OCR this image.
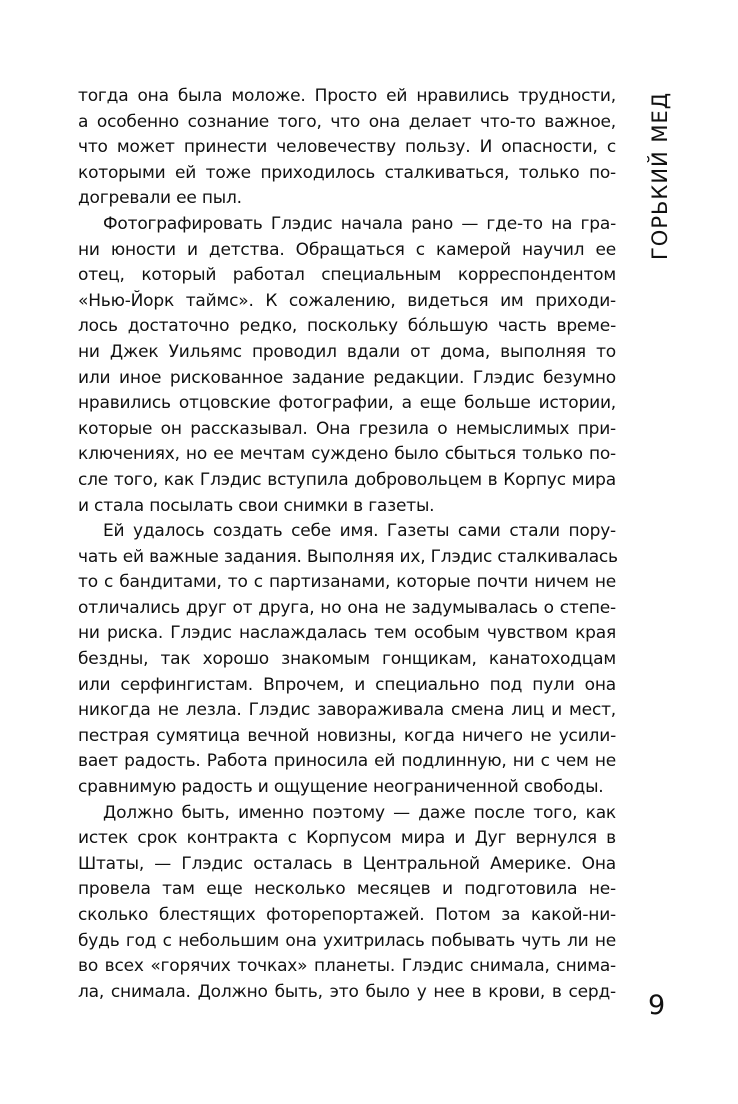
ГОРЬКИЙ МЕД
тогда она была моложе. Просто ей нравились трудности,
а особенно сознание того, что она делает что-то важное,
что может принести человечеству пользу. И опасности, с
которыми ей тоже приходилось сталкиваться, только по-
догревали ее пыл.
Фотографировать Глэдис начала рано — где-то на гра-
ни юности и детства. Обращаться с камерой научил ее
отец, который работал специальным корреспондентом
«Нью-Йорк таймс». К сожалению, видеться им приходи-
лось достаточно редко, поскольку бóльшую часть време-
ни Джек Уильямс проводил вдали от дома, выполняя то
или иное рискованное задание редакции. Глэдис безумно
нравились отцовские фотографии, а еще больше истории,
которые он рассказывал. Она грезила о немыслимых при-
ключениях, но ее мечтам суждено было сбыться только по-
сле того, как Глэдис вступила добровольцем в Корпус мира
и стала посылать свои снимки в газеты.
Ей удалось создать себе имя. Газеты сами стали пору-
чать ей важные задания. Выполняя их, Глэдис сталкивалась
то с бандитами, то с партизанами, которые почти ничем не
отличались друг от друга, но она не задумывалась о степе-
ни риска. Глэдис наслаждалась тем особым чувством края
бездны, так хорошо знакомым гонщикам, канатоходцам
или серфингистам. Впрочем, и специально под пули она
никогда не лезла. Глэдис завораживала смена лиц и мест,
пестрая сумятица вечной новизны, когда ничего не усили-
вает радость. Работа приносила ей подлинную, ни с чем не
сравнимую радость и ощущение неограниченной свободы.
Должно быть, именно поэтому — даже после того, как
истек срок контракта с Корпусом мира и Дуг вернулся в
Штаты, — Глэдис осталась в Центральной Америке. Она
провела там еще несколько месяцев и подготовила не-
сколько блестящих фоторепортажей. Потом за какой-ни-
будь год с небольшим она ухитрилась побывать чуть ли не
во всех «горячих точках» планеты. Глэдис снимала, снима-
ла, снимала. Должно быть, это было у нее в крови, в серд- 9
